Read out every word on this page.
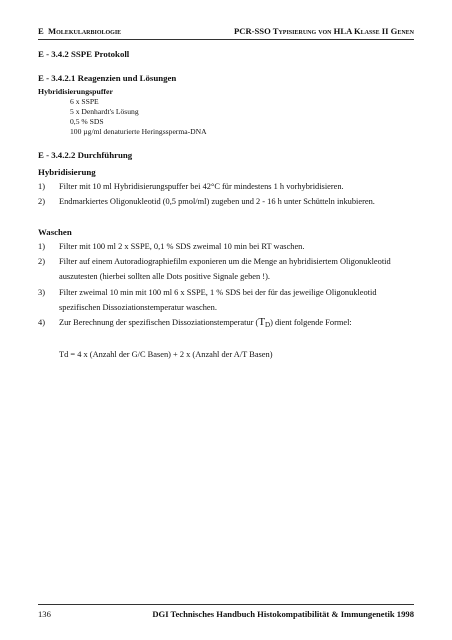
E Molekularbiologie	PCR-SSO Typisierung von HLA Klasse II Genen
E - 3.4.2 SSPE Protokoll
E - 3.4.2.1 Reagenzien und Lösungen
Hybridisierungspuffer
6 x SSPE
5 x Denhardt's Lösung
0,5 % SDS
100 µg/ml denaturierte Heringssperma-DNA
E - 3.4.2.2 Durchführung
Hybridisierung
1)	Filter mit 10 ml Hybridisierungspuffer bei 42°C für mindestens 1 h vorhybridisieren.
2)	Endmarkiertes Oligonukleotid (0,5 pmol/ml) zugeben und 2 - 16 h unter Schütteln inkubieren.
Waschen
1)	Filter mit 100 ml 2 x SSPE, 0,1 % SDS zweimal 10 min bei RT waschen.
2)	Filter auf einem Autoradiographiefilm exponieren um die Menge an hybridisiertem Oligonukleotid auszutesten (hierbei sollten alle Dots positive Signale geben !).
3)	Filter zweimal 10 min mit 100 ml 6 x SSPE, 1 % SDS bei der für das jeweilige Oligonukleotid spezifischen Dissoziationstemperatur waschen.
4)	Zur Berechnung der spezifischen Dissoziationstemperatur $(T_D)$ dient folgende Formel:
Td = 4 x (Anzahl der G/C Basen) + 2 x (Anzahl der A/T Basen)
136	DGI Technisches Handbuch Histokompatibilität & Immungenetik 1998
